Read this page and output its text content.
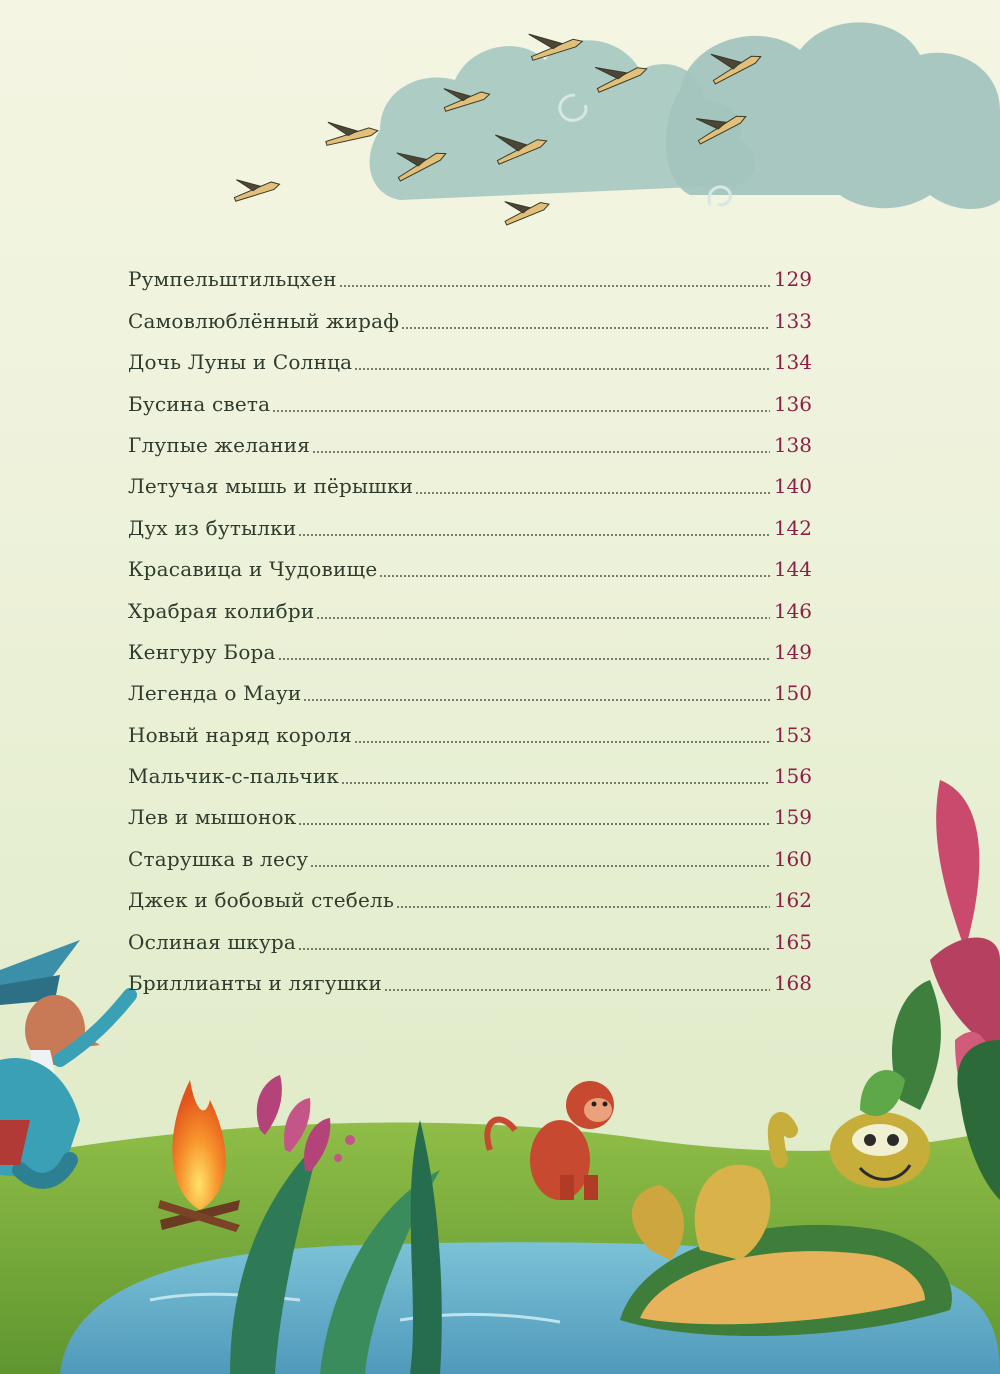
Румпельштильцхен	129
Самовлюблённый жираф	133
Дочь Луны и Солнца	134
Бусина света	136
Глупые желания	138
Летучая мышь и пёрышки	140
Дух из бутылки	142
Красавица и Чудовище	144
Храбрая колибри	146
Кенгуру Бора	149
Легенда о Мауи	150
Новый наряд короля	153
Мальчик-с-пальчик	156
Лев и мышонок	159
Старушка в лесу	160
Джек и бобовый стебель	162
Ослиная шкура	165
Бриллианты и лягушки	168
